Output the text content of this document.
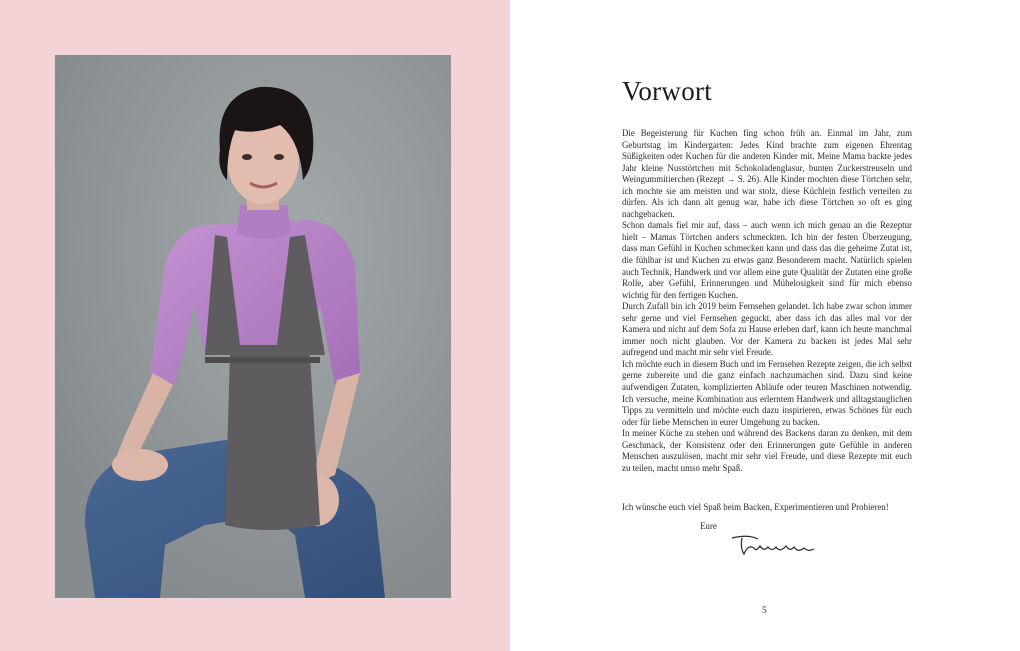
Vorwort

Die Begeisterung für Kuchen fing schon früh an. Einmal im Jahr, zum Geburtstag im Kindergarten: Jedes Kind brachte zum eigenen Ehrentag Süßigkeiten oder Kuchen für die anderen Kinder mit. Meine Mama backte jedes Jahr kleine Nusstörtchen mit Schokoladenglasur, bunten Zuckerstreuseln und Weingummitierchen (Rezept → S. 26). Alle Kinder mochten diese Törtchen sehr, ich mochte sie am meisten und war stolz, diese Küchlein festlich verteilen zu dürfen. Als ich dann alt genug war, habe ich diese Törtchen so oft es ging nachgebacken.

Schon damals fiel mir auf, dass – auch wenn ich mich genau an die Rezeptur hielt – Mamas Törtchen anders schmeckten. Ich bin der festen Überzeugung, dass man Gefühl in Kuchen schmecken kann und dass das die geheime Zutat ist, die fühlbar ist und Kuchen zu etwas ganz Besonderem macht. Natürlich spielen auch Technik, Handwerk und vor allem eine gute Qualität der Zutaten eine große Rolle, aber Gefühl, Erinnerungen und Mühelosigkeit sind für mich ebenso wichtig für den fertigen Kuchen.

Durch Zufall bin ich 2019 beim Fernsehen gelandet. Ich habe zwar schon immer sehr gerne und viel Fernsehen geguckt, aber dass ich das alles mal vor der Kamera und nicht auf dem Sofa zu Hause erleben darf, kann ich heute manchmal immer noch nicht glauben. Vor der Kamera zu backen ist jedes Mal sehr aufregend und macht mir sehr viel Freude.

Ich möchte euch in diesem Buch und im Fernsehen Rezepte zeigen, die ich selbst gerne zubereite und die ganz einfach nachzumachen sind. Dazu sind keine aufwendigen Zutaten, komplizierten Abläufe oder teuren Maschinen notwendig. Ich versuche, meine Kombination aus erlerntem Handwerk und alltagstauglichen Tipps zu vermitteln und möchte euch dazu inspirieren, etwas Schönes für euch oder für liebe Menschen in eurer Umgebung zu backen.

In meiner Küche zu stehen und während des Backens daran zu denken, mit dem Geschmack, der Konsistenz oder den Erinnerungen gute Gefühle in anderen Menschen auszulösen, macht mir sehr viel Freude, und diese Rezepte mit euch zu teilen, macht umso mehr Spaß.

Ich wünsche euch viel Spaß beim Backen, Experimentieren und Probieren!
Eure
5
